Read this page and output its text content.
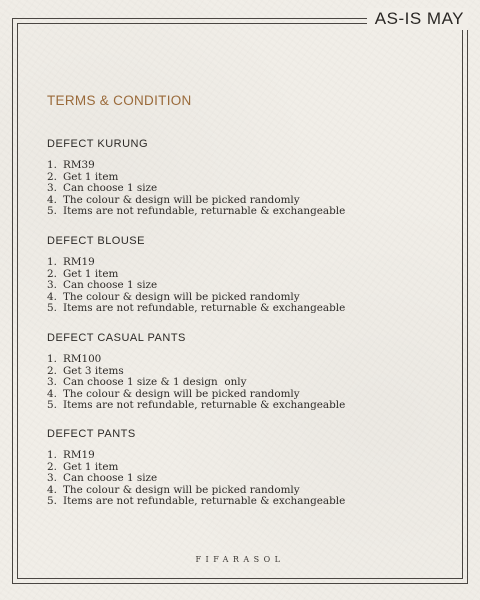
AS-IS MAY
TERMS & CONDITION
DEFECT KURUNG
1. RM39
2. Get 1 item
3. Can choose 1 size
4. The colour & design will be picked randomly
5. Items are not refundable, returnable & exchangeable
DEFECT BLOUSE
1. RM19
2. Get 1 item
3. Can choose 1 size
4. The colour & design will be picked randomly
5. Items are not refundable, returnable & exchangeable
DEFECT CASUAL PANTS
1. RM100
2. Get 3 items
3. Can choose 1 size & 1 design  only
4. The colour & design will be picked randomly
5. Items are not refundable, returnable & exchangeable
DEFECT PANTS
1. RM19
2. Get 1 item
3. Can choose 1 size
4. The colour & design will be picked randomly
5. Items are not refundable, returnable & exchangeable
FIFARASOL
